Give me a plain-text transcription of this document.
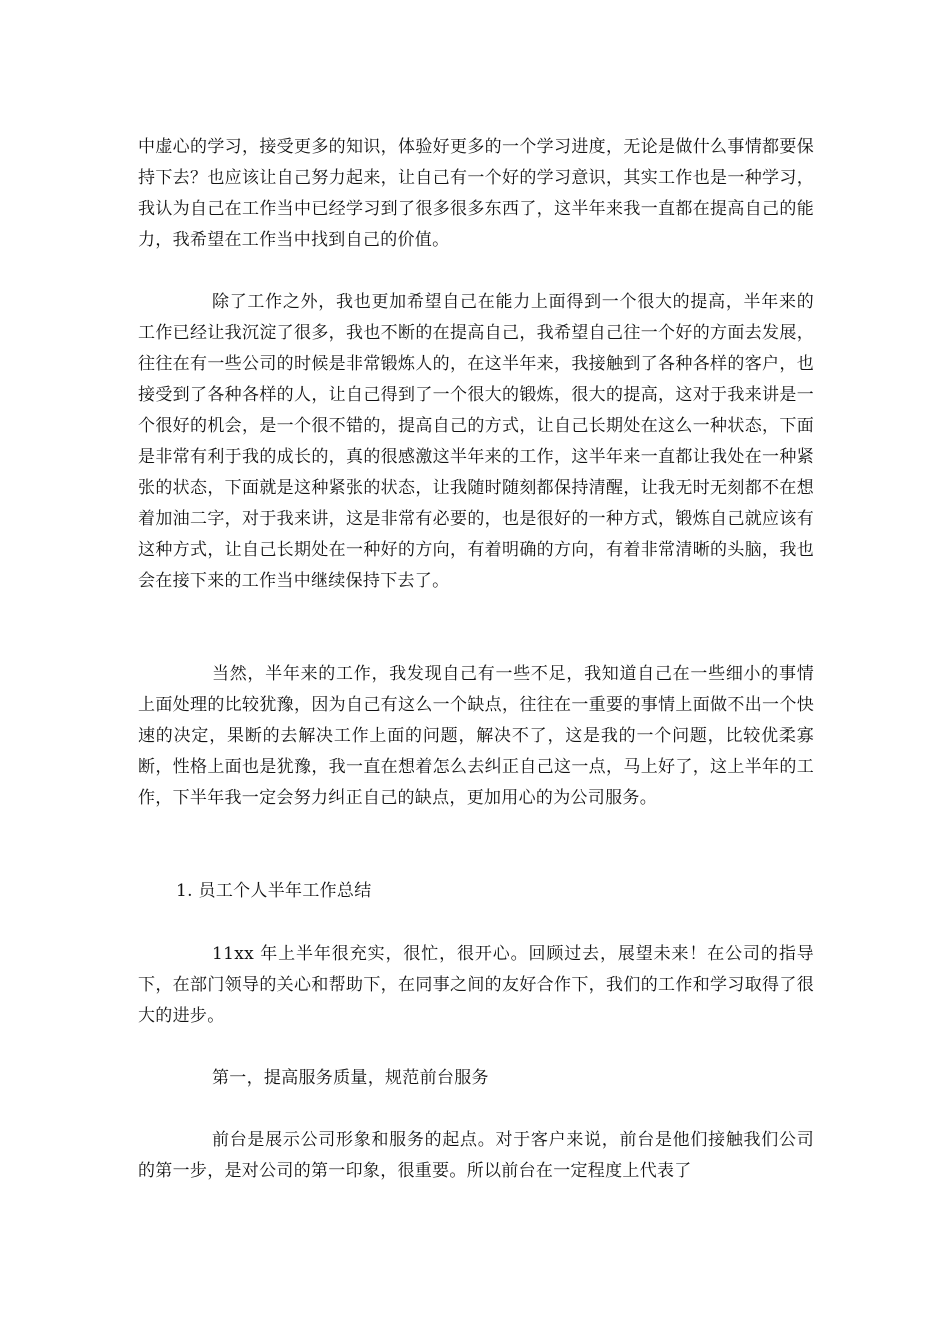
中虚心的学习，接受更多的知识，体验好更多的一个学习进度，无论是做什么事情都要保持下去？也应该让自己努力起来，让自己有一个好的学习意识，其实工作也是一种学习，我认为自己在工作当中已经学习到了很多很多东西了，这半年来我一直都在提高自己的能力，我希望在工作当中找到自己的价值。

除了工作之外，我也更加希望自己在能力上面得到一个很大的提高，半年来的工作已经让我沉淀了很多，我也不断的在提高自己，我希望自己往一个好的方面去发展，往往在有一些公司的时候是非常锻炼人的，在这半年来，我接触到了各种各样的客户，也接受到了各种各样的人，让自己得到了一个很大的锻炼，很大的提高，这对于我来讲是一个很好的机会，是一个很不错的，提高自己的方式，让自己长期处在这么一种状态，下面是非常有利于我的成长的，真的很感激这半年来的工作，这半年来一直都让我处在一种紧张的状态，下面就是这种紧张的状态，让我随时随刻都保持清醒，让我无时无刻都不在想着加油二字，对于我来讲，这是非常有必要的，也是很好的一种方式，锻炼自己就应该有这种方式，让自己长期处在一种好的方向，有着明确的方向，有着非常清晰的头脑，我也会在接下来的工作当中继续保持下去了。

当然，半年来的工作，我发现自己有一些不足，我知道自己在一些细小的事情上面处理的比较犹豫，因为自己有这么一个缺点，往往在一重要的事情上面做不出一个快速的决定，果断的去解决工作上面的问题，解决不了，这是我的一个问题，比较优柔寡断，性格上面也是犹豫，我一直在想着怎么去纠正自己这一点，马上好了，这上半年的工作，下半年我一定会努力纠正自己的缺点，更加用心的为公司服务。

1. 员工个人半年工作总结

11xx 年上半年很充实，很忙，很开心。回顾过去，展望未来！在公司的指导下，在部门领导的关心和帮助下，在同事之间的友好合作下，我们的工作和学习取得了很大的进步。

第一，提高服务质量，规范前台服务

前台是展示公司形象和服务的起点。对于客户来说，前台是他们接触我们公司的第一步，是对公司的第一印象，很重要。所以前台在一定程度上代表了
